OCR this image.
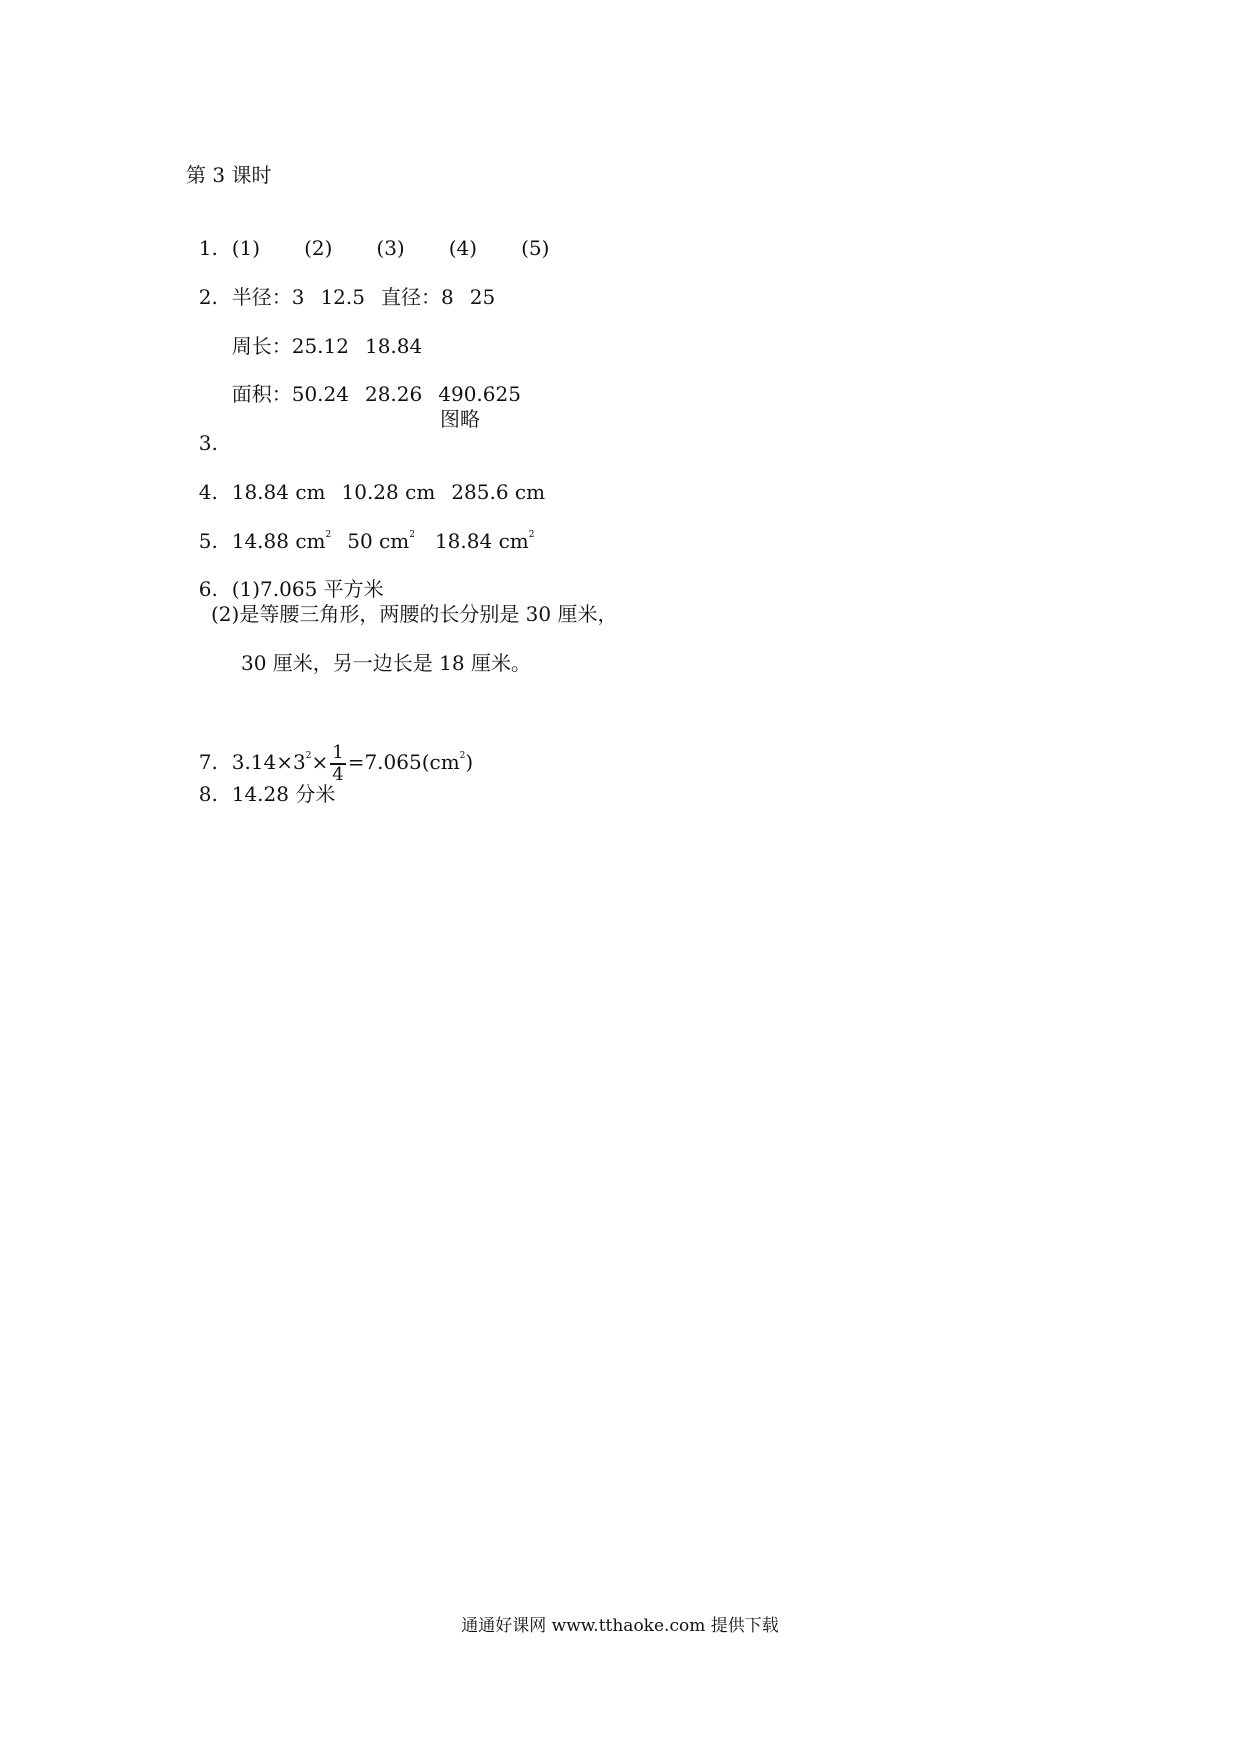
第 3 课时

1. (1) (2) (3) (4) (5)

2. 半径：3 12.5 直径：8 25

周长：25.12 18.84

面积：50.24 28.26 490.625

3.

图略

4. 18.84 cm 10.28 cm 285.6 cm

5. 14.88 $cm^2$ 50 $cm^2$ 18.84 $cm^2$

6. (1)7.065 平方米

(2)是等腰三角形，两腰的长分别是 30 厘米，
30 厘米，另一边长是 18 厘米。

7. $3.14\times 3^2\times \frac{1}{4} =7.065(cm^2)$

8. 14.28 分米

通通好课网 www.tthaoke.com 提供下载
